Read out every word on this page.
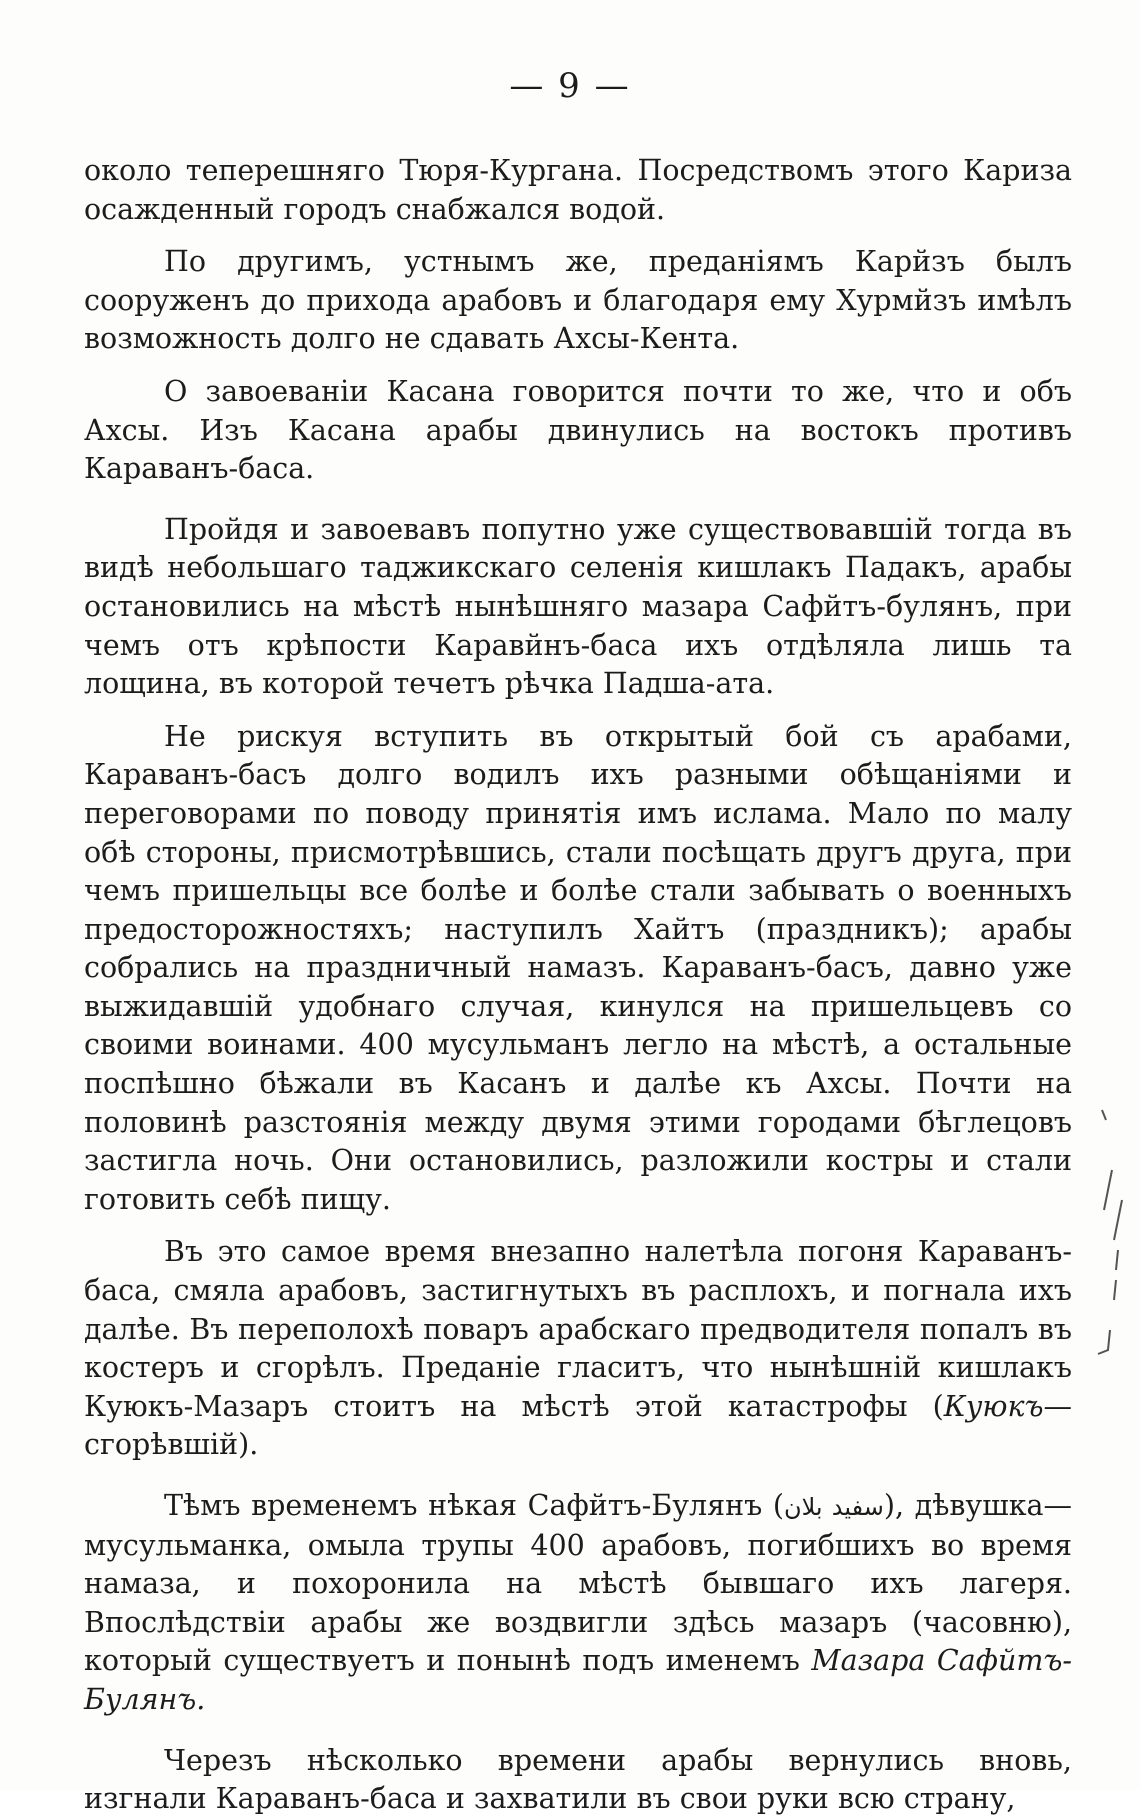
— 9 —

около теперешняго Тюря-Кургана. Посредствомъ этого Кариза осажденный городъ снабжался водой.

По другимъ, устнымъ же, преданіямъ Карйзъ былъ сооруженъ до прихода арабовъ и благодаря ему Хурмйзъ имѣлъ возможность долго не сдавать Ахсы-Кента.

О завоеваніи Касана говорится почти то же, что и объ Ахсы. Изъ Касана арабы двинулись на востокъ противъ Караванъ-баса.

Пройдя и завоевавъ попутно уже существовавшій тогда въ видѣ небольшаго таджикскаго селенія кишлакъ Падакъ, арабы остановились на мѣстѣ нынѣшняго мазара Сафйтъ-булянъ, при чемъ отъ крѣпости Каравйнъ-баса ихъ отдѣляла лишь та лощина, въ которой течетъ рѣчка Падша-ата.

Не рискуя вступить въ открытый бой съ арабами, Караванъ-басъ долго водилъ ихъ разными обѣщаніями и переговорами по поводу принятія имъ ислама. Мало по малу обѣ стороны, присмотрѣвшись, стали посѣщать другъ друга, при чемъ пришельцы все болѣе и болѣе стали забывать о военныхъ предосторожностяхъ; наступилъ Хайтъ (праздникъ); арабы собрались на праздничный намазъ. Караванъ-басъ, давно уже выжидавшій удобнаго случая, кинулся на пришельцевъ со своими воинами. 400 мусульманъ легло на мѣстѣ, а остальные поспѣшно бѣжали въ Касанъ и далѣе къ Ахсы. Почти на половинѣ разстоянія между двумя этими городами бѣглецовъ застигла ночь. Они остановились, разложили костры и стали готовить себѣ пищу.

Въ это самое время внезапно налетѣла погоня Караванъ-баса, смяла арабовъ, застигнутыхъ въ расплохъ, и погнала ихъ далѣе. Въ переполохѣ поваръ арабскаго предводителя попалъ въ костеръ и сгорѣлъ. Преданіе гласитъ, что нынѣшній кишлакъ Куюкъ-Мазаръ стоитъ на мѣстѣ этой катастрофы (Куюкъ—сгорѣвшій).

Тѣмъ временемъ нѣкая Сафйтъ-Булянъ (سفيد بلان), дѣвушка—мусульманка, омыла трупы 400 арабовъ, погибшихъ во время намаза, и похоронила на мѣстѣ бывшаго ихъ лагеря. Впослѣдствіи арабы же воздвигли здѣсь мазаръ (часовню), который существуетъ и понынѣ подъ именемъ Мазара Сафйтъ-Булянъ.

Черезъ нѣсколько времени арабы вернулись вновь, изгнали Караванъ-баса и захватили въ свои руки всю страну,
